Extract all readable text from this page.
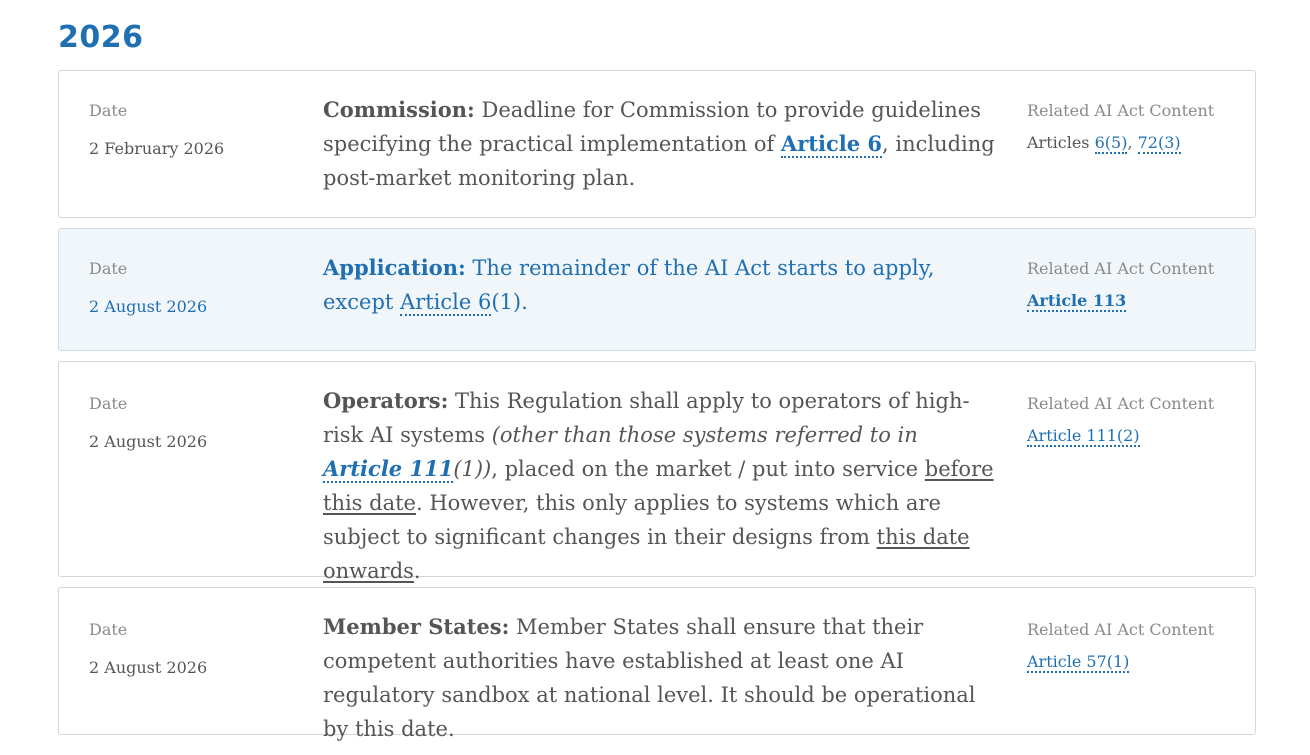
2026
Date
2 February 2026
Commission: Deadline for Commission to provide guidelines specifying the practical implementation of Article 6, including post-market monitoring plan.
Related AI Act Content
Articles 6(5), 72(3)
Date
2 August 2026
Application: The remainder of the AI Act starts to apply, except Article 6(1).
Related AI Act Content
Article 113
Date
2 August 2026
Operators: This Regulation shall apply to operators of high-risk AI systems (other than those systems referred to in Article 111(1)), placed on the market / put into service before this date. However, this only applies to systems which are subject to significant changes in their designs from this date onwards.
Related AI Act Content
Article 111(2)
Date
2 August 2026
Member States: Member States shall ensure that their competent authorities have established at least one AI regulatory sandbox at national level. It should be operational by this date.
Related AI Act Content
Article 57(1)
